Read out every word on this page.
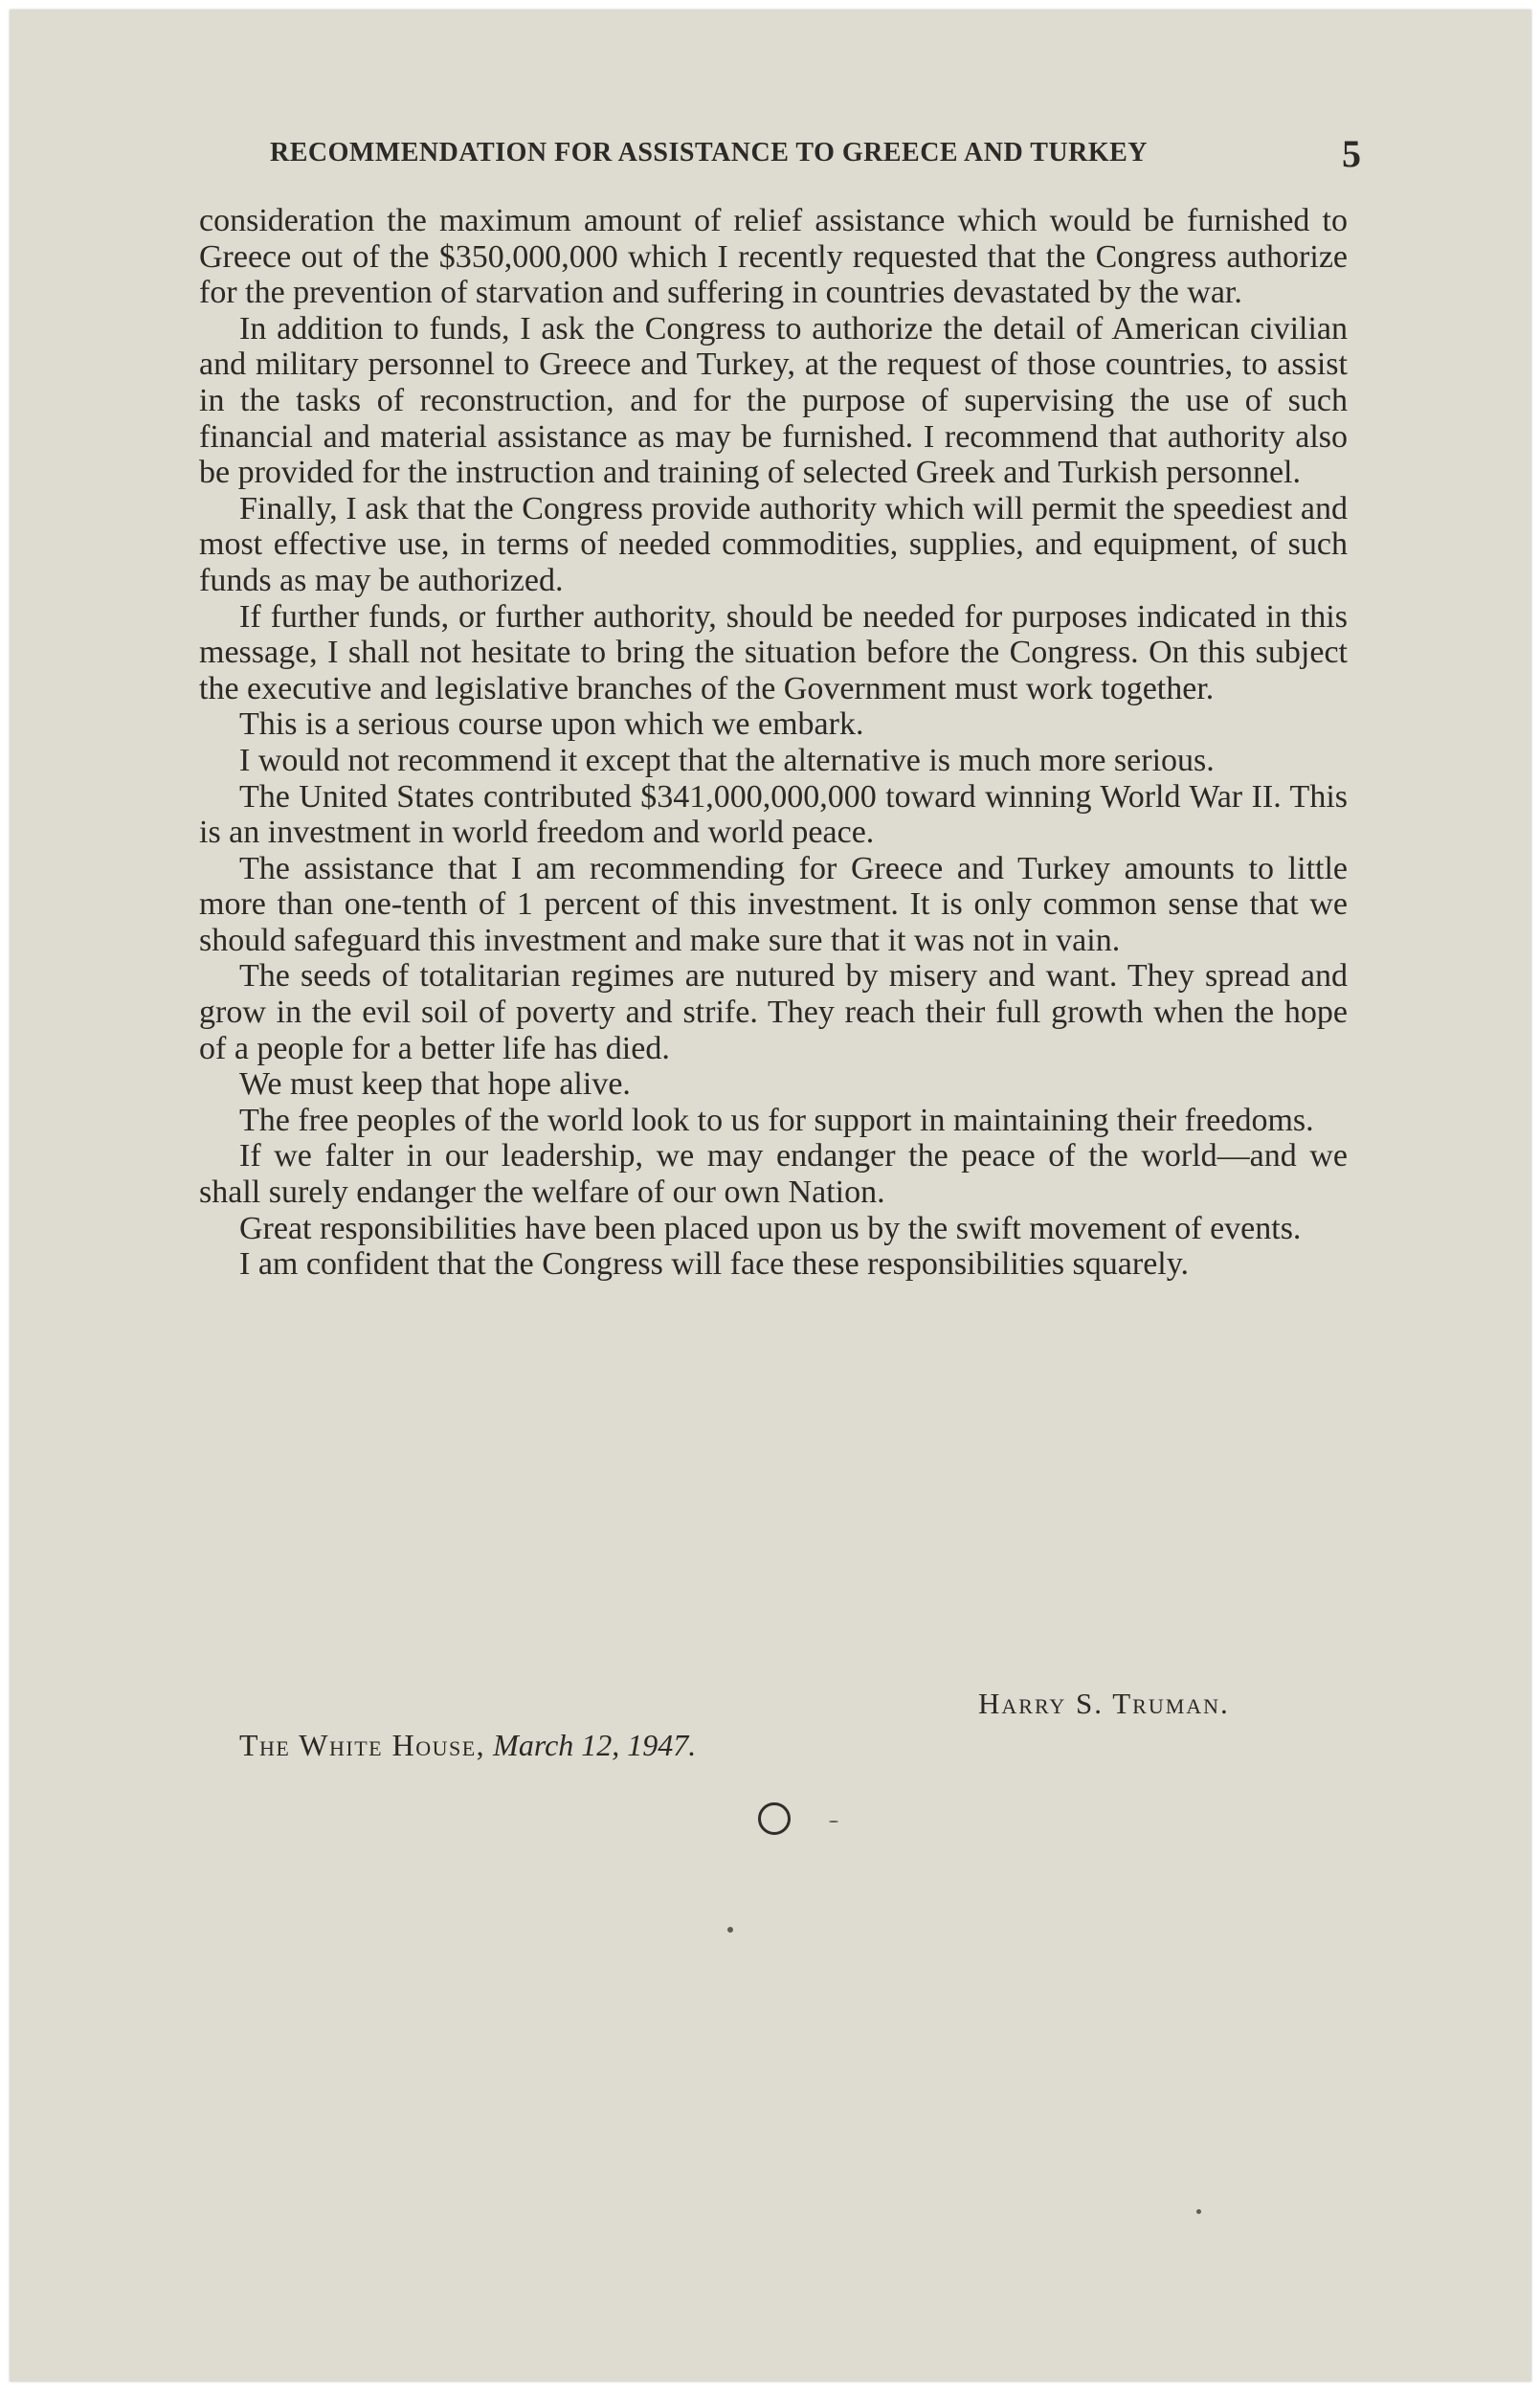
RECOMMENDATION FOR ASSISTANCE TO GREECE AND TURKEY	5

consideration the maximum amount of relief assistance which would be furnished to Greece out of the $350,000,000 which I recently requested that the Congress authorize for the prevention of starvation and suffering in countries devastated by the war.

In addition to funds, I ask the Congress to authorize the detail of American civilian and military personnel to Greece and Turkey, at the request of those countries, to assist in the tasks of reconstruction, and for the purpose of supervising the use of such financial and material assistance as may be furnished. I recommend that authority also be provided for the instruction and training of selected Greek and Turkish personnel.

Finally, I ask that the Congress provide authority which will permit the speediest and most effective use, in terms of needed commodities, supplies, and equipment, of such funds as may be authorized.

If further funds, or further authority, should be needed for purposes indicated in this message, I shall not hesitate to bring the situation before the Congress. On this subject the executive and legislative branches of the Government must work together.

This is a serious course upon which we embark.

I would not recommend it except that the alternative is much more serious.

The United States contributed $341,000,000,000 toward winning World War II. This is an investment in world freedom and world peace.

The assistance that I am recommending for Greece and Turkey amounts to little more than one-tenth of 1 percent of this investment. It is only common sense that we should safeguard this investment and make sure that it was not in vain.

The seeds of totalitarian regimes are nutured by misery and want. They spread and grow in the evil soil of poverty and strife. They reach their full growth when the hope of a people for a better life has died.

We must keep that hope alive.

The free peoples of the world look to us for support in maintaining their freedoms.

If we falter in our leadership, we may endanger the peace of the world—and we shall surely endanger the welfare of our own Nation.

Great responsibilities have been placed upon us by the swift movement of events.

I am confident that the Congress will face these responsibilities squarely.

Harry S. Truman.
The White House, March 12, 1947.
